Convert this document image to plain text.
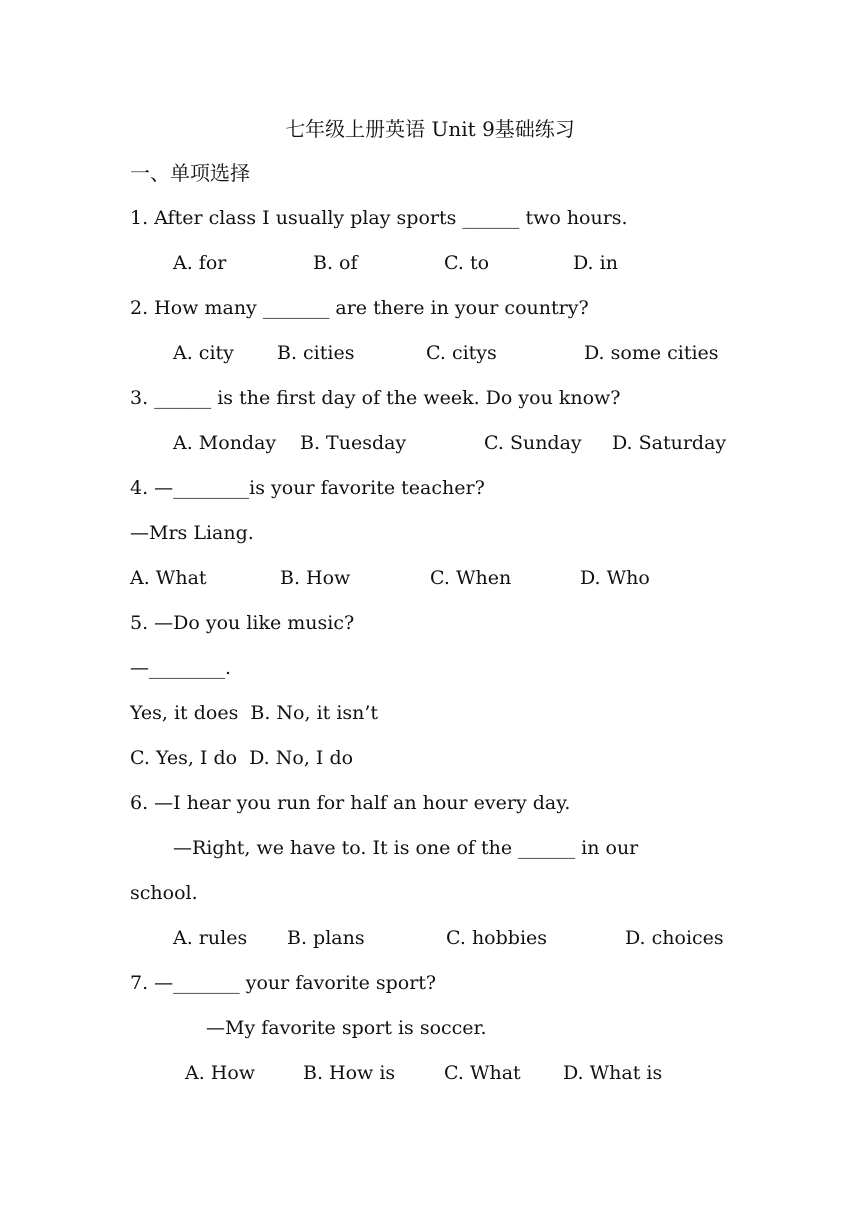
七年级上册英语 Unit 9基础练习
一、单项选择
1. After class I usually play sports ______ two hours.
A. for	B. of	C. to	D. in
2. How many _______ are there in your country?
A. city B. cities	C. citys	D. some cities
3. ______ is the first day of the week. Do you know?
A. Monday B. Tuesday	C. Sunday D. Saturday
4. —________is your favorite teacher?
—Mrs Liang.
A. What	B. How	C. When	D. Who
5. —Do you like music?
—________.
Yes, it does  B. No, it isn’t
C. Yes, I do  D. No, I do
6. —I hear you run for half an hour every day.
—Right, we have to. It is one of the ______ in our
school.
A. rules B. plans	C. hobbies	D. choices
7. —_______ your favorite sport?
—My favorite sport is soccer.
A. How	B. How is	C. What D. What is
